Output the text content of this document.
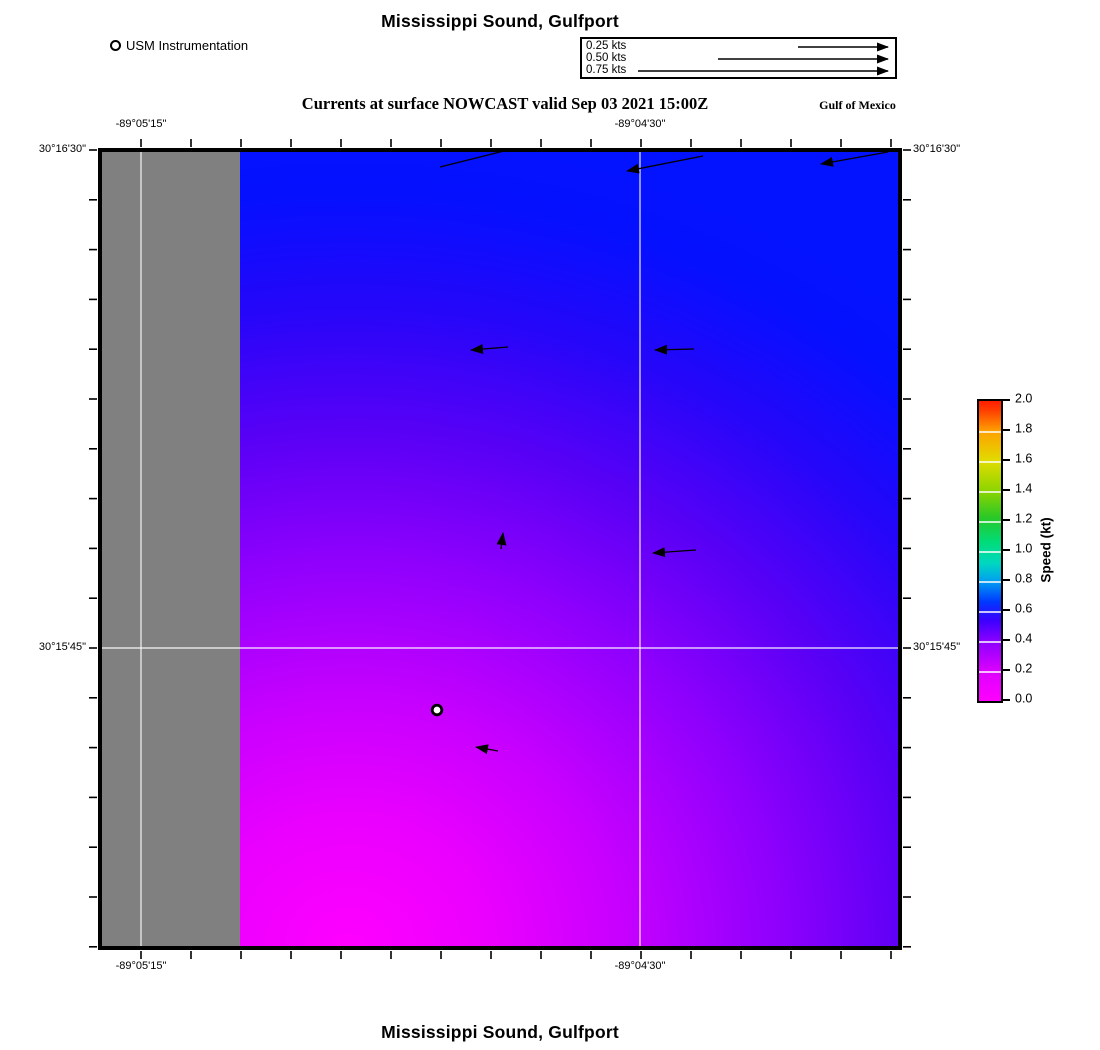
Mississippi Sound, Gulfport
USM Instrumentation	0.25 kts
0.50 kts
0.75 kts
Currents at surface NOWCAST valid Sep 03 2021 15:00Z	Gulf of Mexico
-89°05'15"	-89°04'30"
-89°05'15"	-89°04'30"
30°16'30"
30°15'45"
30°16'30"
30°15'45"
2.0
1.8
1.6
1.4
1.2
1.0
0.8
0.6
0.4
0.2
0.0
Speed (kt)
Mississippi Sound, Gulfport
